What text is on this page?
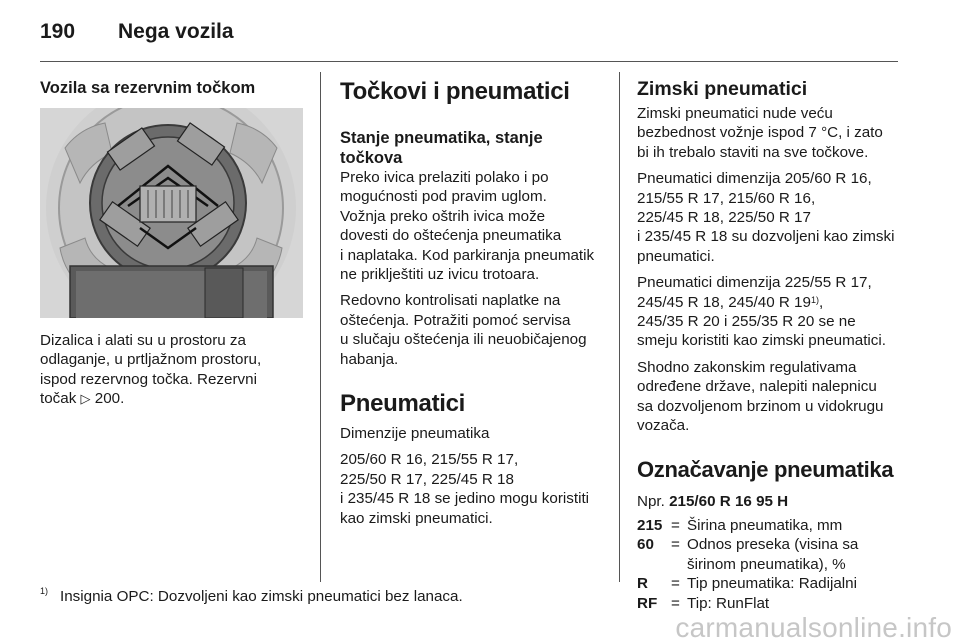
190 Nega vozila
Vozila sa rezervnim točkom
Dizalica i alati su u prostoru za
odlaganje, u prtljažnom prostoru,
ispod rezervnog točka. Rezervni
točak ▷ 200.
Točkovi i pneumatici
Stanje pneumatika, stanje
točkova

Preko ivica prelaziti polako i po
mogućnosti pod pravim uglom.
Vožnja preko oštrih ivica može
dovesti do oštećenja pneumatika
i naplataka. Kod parkiranja pneumatik
ne priklještiti uz ivicu trotoara.

Redovno kontrolisati naplatke na
oštećenja. Potražiti pomoć servisa
u slučaju oštećenja ili neuobičajenog
habanja.

Pneumatici

Dimenzije pneumatika

205/60 R 16, 215/55 R 17,
225/50 R 17, 225/45 R 18
i 235/45 R 18 se jedino mogu koristiti
kao zimski pneumatici.

Zimski pneumatici

Zimski pneumatici nude veću
bezbednost vožnje ispod 7 °C, i zato
bi ih trebalo staviti na sve točkove.

Pneumatici dimenzija 205/60 R 16,
215/55 R 17, 215/60 R 16,
225/45 R 18, 225/50 R 17
i 235/45 R 18 su dozvoljeni kao zimski
pneumatici.

Pneumatici dimenzija 225/55 R 17,
245/45 R 18, 245/40 R 19$^{1)}$,
245/35 R 20 i 255/35 R 20 se ne
smeju koristiti kao zimski pneumatici.

Shodno zakonskim regulativama
određene države, nalepiti nalepnicu
sa dozvoljenom brzinom u vidokrugu
vozača.

Označavanje pneumatika

Npr. 215/60 R 16 95 H

215 = Širina pneumatika, mm
60	= Odnos preseka (visina sa
širinom pneumatika), %
R	= Tip pneumatika: Radijalni
RF = Tip: RunFlat
$^{1)}$ Insignia OPC: Dozvoljeni kao zimski pneumatici bez lanaca.
carmanualsonline.info
